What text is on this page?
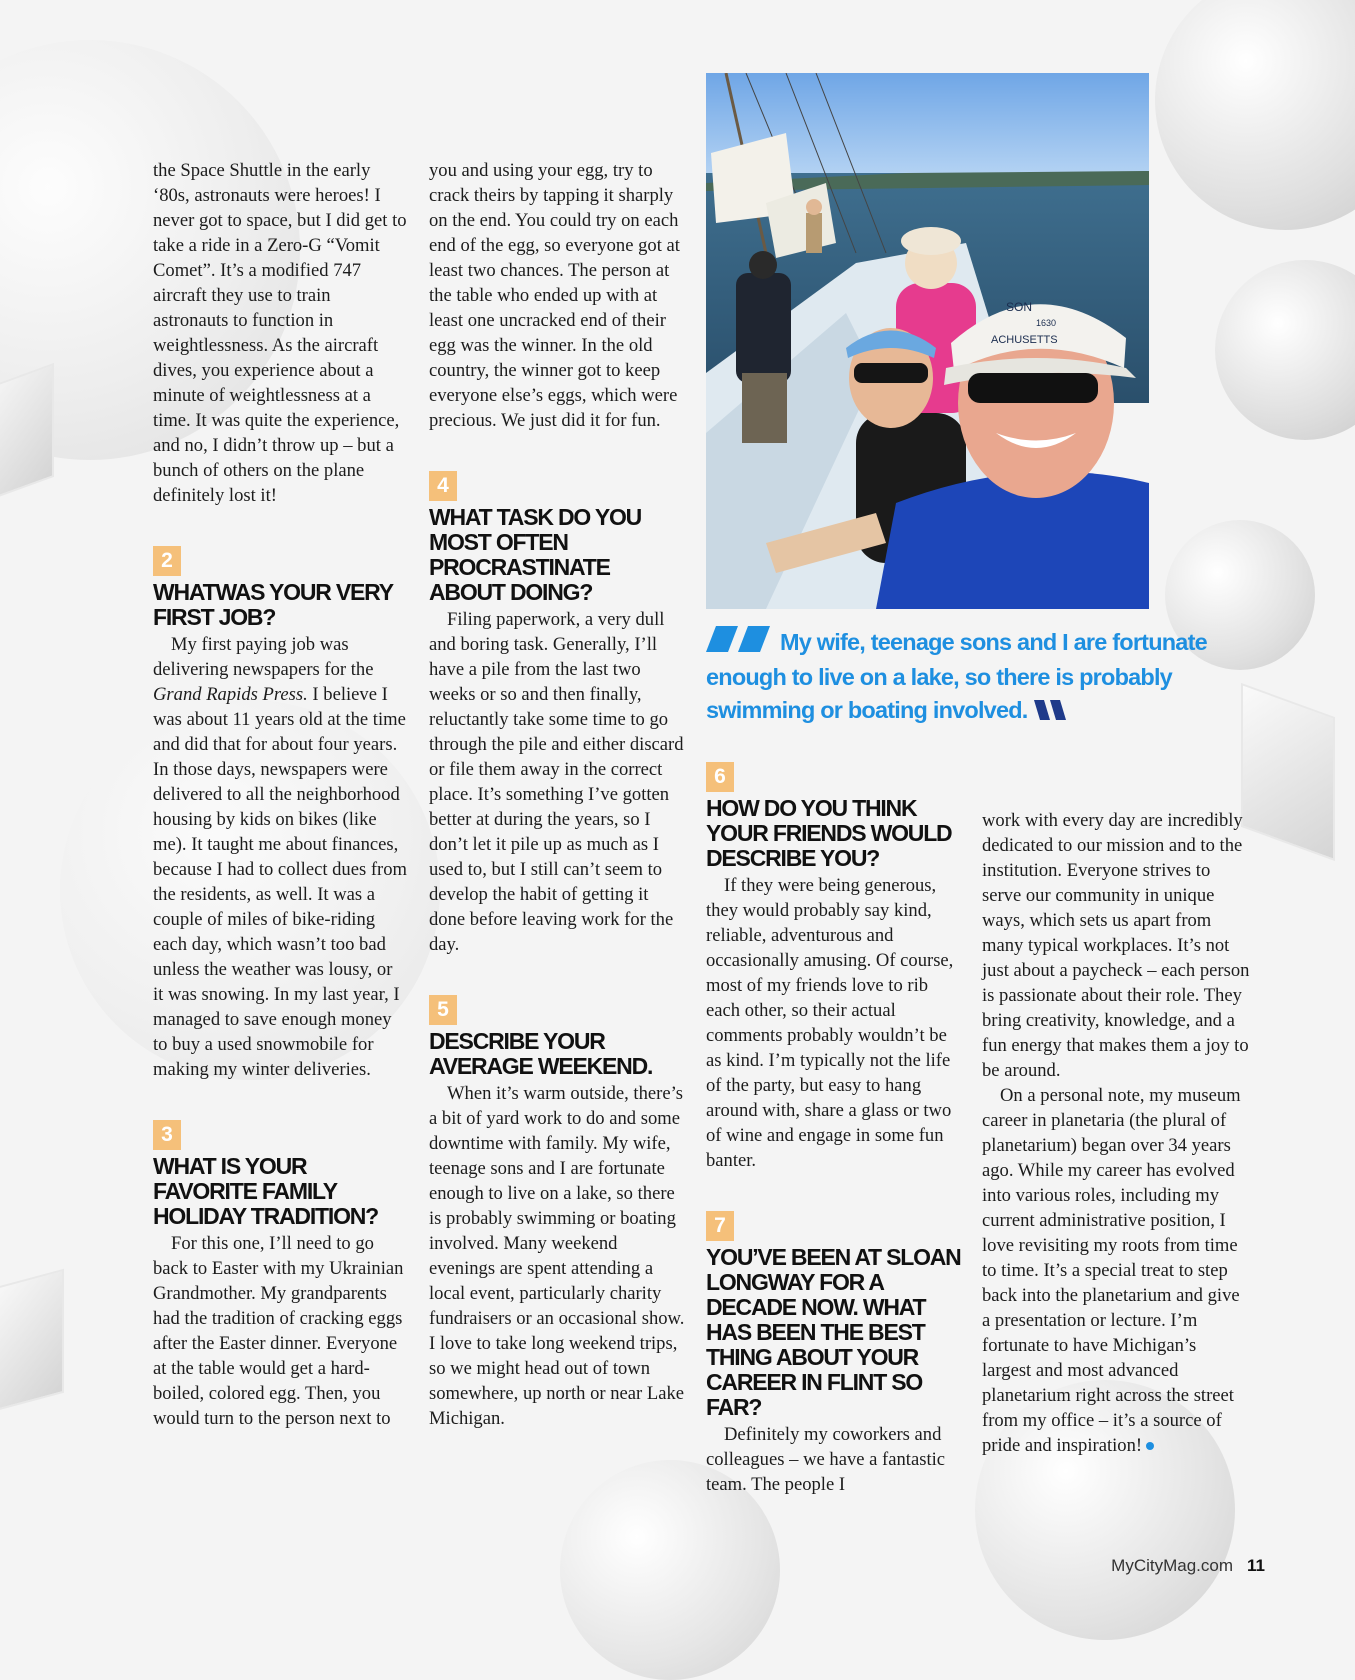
the Space Shuttle in the early ‘80s, astronauts were heroes! I never got to space, but I did get to take a ride in a Zero-G “Vomit Comet”. It’s a modified 747 aircraft they use to train astronauts to function in weightlessness. As the aircraft dives, you experience about a minute of weightlessness at a time. It was quite the experience, and no, I didn’t throw up – but a bunch of others on the plane definitely lost it!

2
WHATWAS YOUR VERY FIRST JOB?

My first paying job was delivering newspapers for the Grand Rapids Press. I believe I was about 11 years old at the time and did that for about four years. In those days, newspapers were delivered to all the neighborhood housing by kids on bikes (like me). It taught me about finances, because I had to collect dues from the residents, as well. It was a couple of miles of bike-riding each day, which wasn’t too bad unless the weather was lousy, or it was snowing. In my last year, I managed to save enough money to buy a used snowmobile for making my winter deliveries.

3
WHAT IS YOUR FAVORITE FAMILY HOLIDAY TRADITION?

For this one, I’ll need to go back to Easter with my Ukrainian Grandmother. My grandparents had the tradition of cracking eggs after the Easter dinner. Everyone at the table would get a hard-boiled, colored egg. Then, you would turn to the person next to

you and using your egg, try to crack theirs by tapping it sharply on the end. You could try on each end of the egg, so everyone got at least two chances. The person at the table who ended up with at least one uncracked end of their egg was the winner. In the old country, the winner got to keep everyone else’s eggs, which were precious. We just did it for fun.

4
WHAT TASK DO YOU MOST OFTEN PROCRASTINATE ABOUT DOING?

Filing paperwork, a very dull and boring task. Generally, I’ll have a pile from the last two weeks or so and then finally, reluctantly take some time to go through the pile and either discard or file them away in the correct place. It’s something I’ve gotten better at during the years, so I don’t let it pile up as much as I used to, but I still can’t seem to develop the habit of getting it done before leaving work for the day.

5
DESCRIBE YOUR AVERAGE WEEKEND.

When it’s warm outside, there’s a bit of yard work to do and some downtime with family. My wife, teenage sons and I are fortunate enough to live on a lake, so there is probably swimming or boating involved. Many weekend evenings are spent attending a local event, particularly charity fundraisers or an occasional show. I love to take long weekend trips, so we might head out of town somewhere, up north or near Lake Michigan.

SON
1630
ACHUSETTS
My wife, teenage sons and I are fortunate enough to live on a lake, so there is probably swimming or boating involved.
6
HOW DO YOU THINK YOUR FRIENDS WOULD DESCRIBE YOU?

If they were being generous, they would probably say kind, reliable, adventurous and occasionally amusing. Of course, most of my friends love to rib each other, so their actual comments probably wouldn’t be as kind. I’m typically not the life of the party, but easy to hang around with, share a glass or two of wine and engage in some fun banter.

7
YOU’VE BEEN AT SLOAN LONGWAY FOR A DECADE NOW. WHAT HAS BEEN THE BEST THING ABOUT YOUR CAREER IN FLINT SO FAR?

Definitely my coworkers and colleagues – we have a fantastic team. The people I

work with every day are incredibly dedicated to our mission and to the institution. Everyone strives to serve our community in unique ways, which sets us apart from many typical workplaces. It’s not just about a paycheck – each person is passionate about their role. They bring creativity, knowledge, and a fun energy that makes them a joy to be around.

On a personal note, my museum career in planetaria (the plural of planetarium) began over 34 years ago. While my career has evolved into various roles, including my current administrative position, I love revisiting my roots from time to time. It’s a special treat to step back into the planetarium and give a presentation or lecture. I’m fortunate to have Michigan’s largest and most advanced planetarium right across the street from my office – it’s a source of pride and inspiration!

MyCityMag.com 11
